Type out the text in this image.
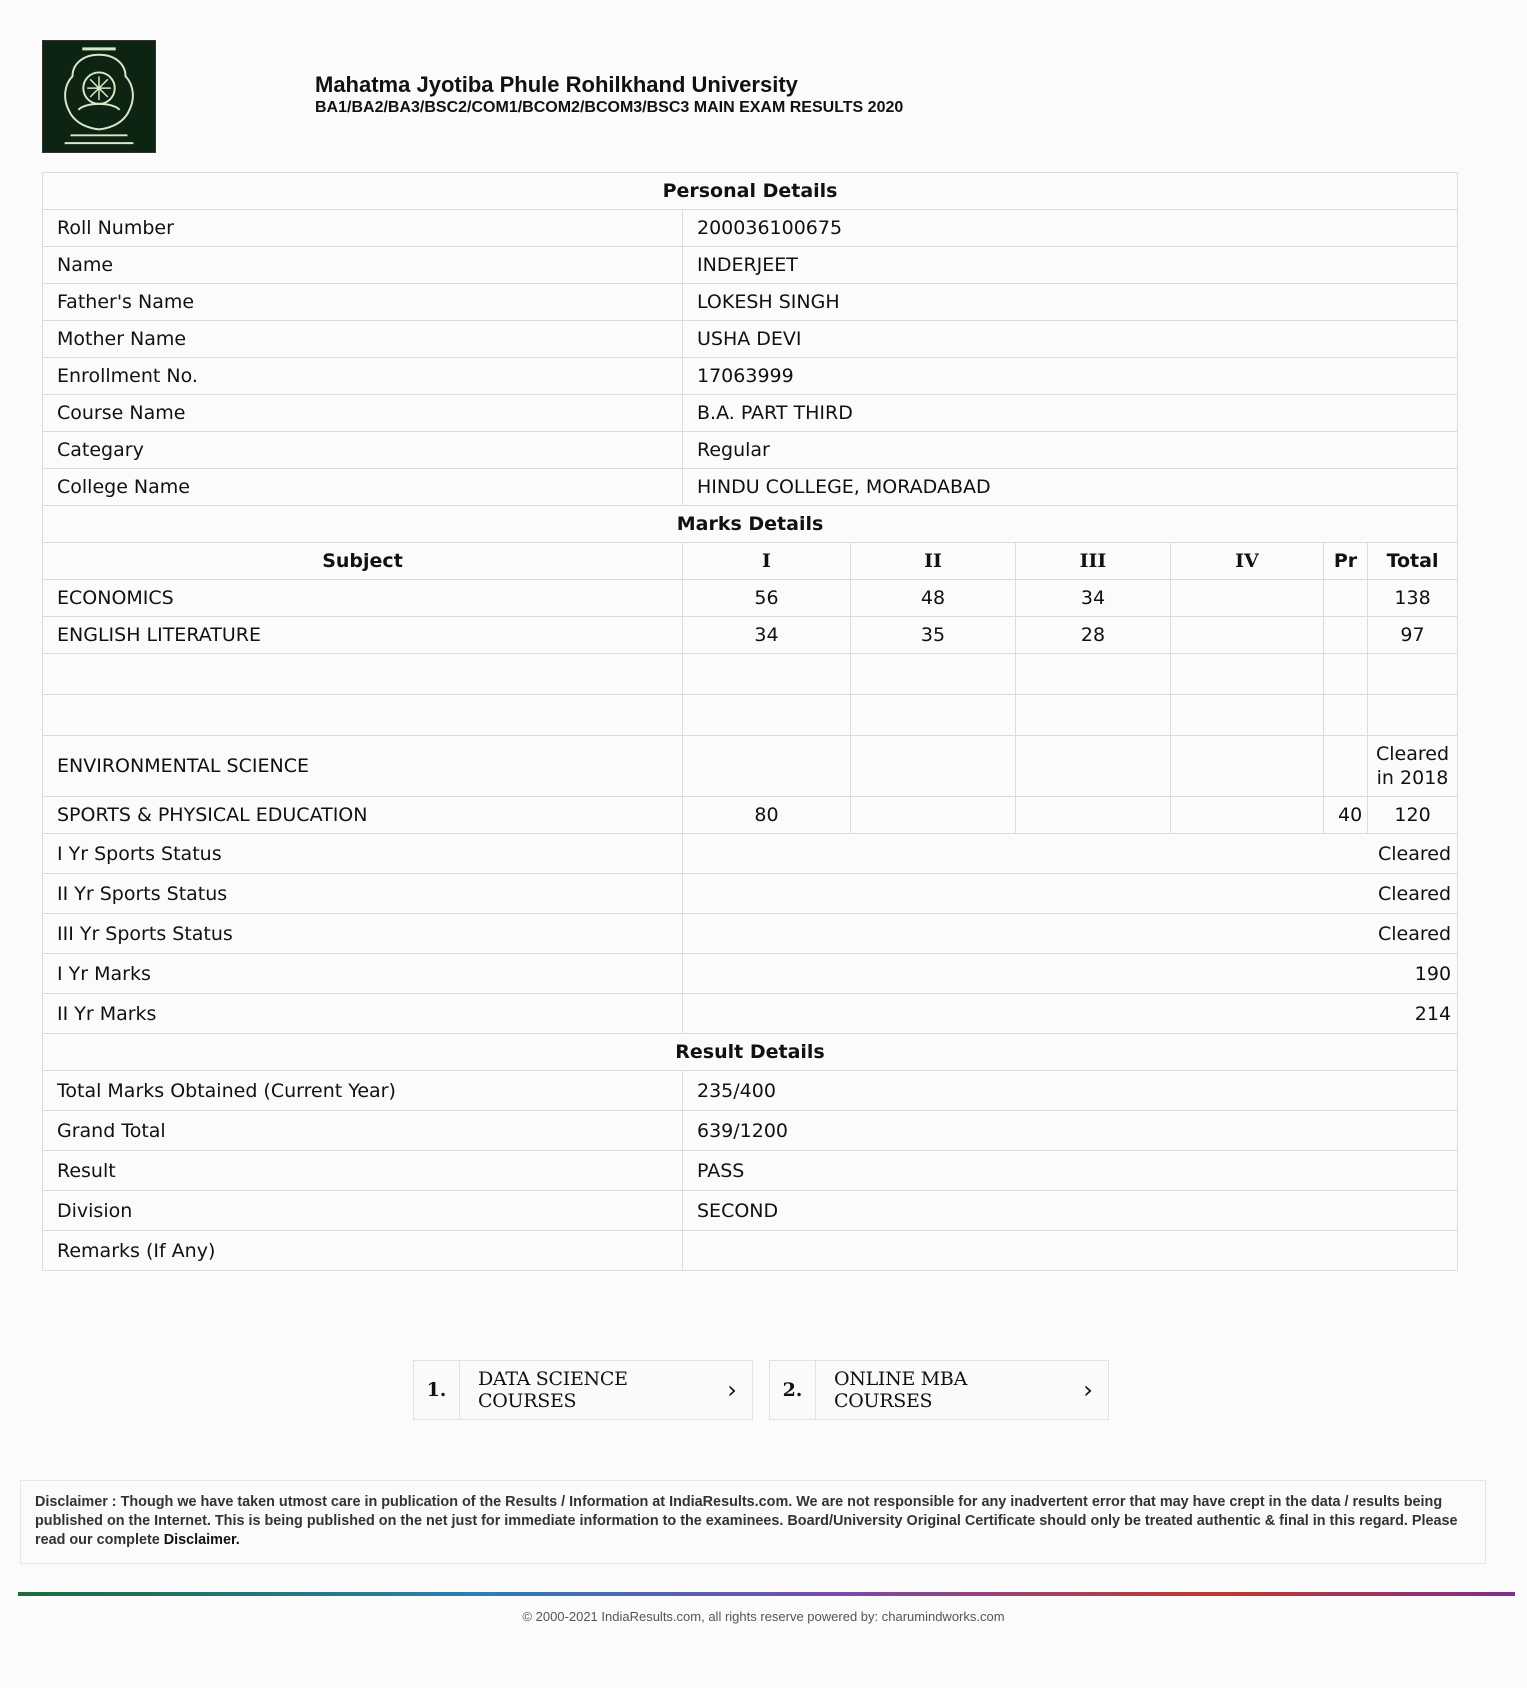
Mahatma Jyotiba Phule Rohilkhand University

BA1/BA2/BA3/BSC2/COM1/BCOM2/BCOM3/BSC3 MAIN EXAM RESULTS 2020

Personal Details						
Roll Number	200036100675					
Name	INDERJEET					
Father's Name	LOKESH SINGH					
Mother Name	USHA DEVI					
Enrollment No.	17063999					
Course Name	B.A. PART THIRD					
Categary	Regular					
College Name	HINDU COLLEGE, MORADABAD					
Marks Details						
Subject	I	II	III	IV	Pr	Total
ECONOMICS	56	48	34			138
ENGLISH LITERATURE	34	35	28			97

ENVIRONMENTAL SCIENCE						Cleared
in 2018
SPORTS & PHYSICAL EDUCATION	80				40	120
I Yr Sports Status	Cleared					
II Yr Sports Status	Cleared					
III Yr Sports Status	Cleared					
I Yr Marks	190					
II Yr Marks	214					
Result Details						
Total Marks Obtained (Current Year)	235/400					
Grand Total	639/1200					
Result	PASS					
Division	SECOND					
Remarks (If Any)						
1.	DATA SCIENCE COURSES	›	2.	ONLINE MBA COURSES	›
Disclaimer : Though we have taken utmost care in publication of the Results / Information at IndiaResults.com. We are not responsible for any inadvertent error that may have crept in the data / results being published on the Internet. This is being published on the net just for immediate information to the examinees. Board/University Original Certificate should only be treated authentic & final in this regard. Please read our complete Disclaimer.
© 2000-2021 IndiaResults.com, all rights reserve powered by: charumindworks.com
